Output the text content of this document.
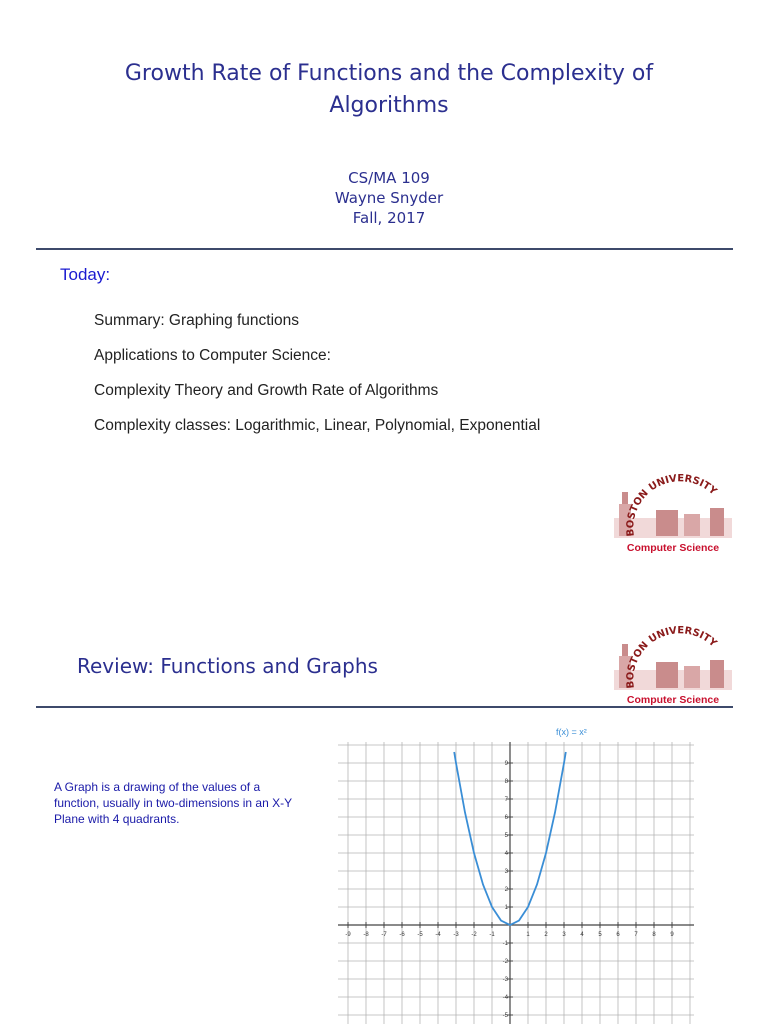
Growth Rate of Functions and the Complexity of
Algorithms
CS/MA 109
Wayne Snyder
Fall, 2017
Today:
Summary: Graphing functions
Applications to Computer Science:
Complexity Theory and Growth Rate of Algorithms
Complexity classes: Logarithmic, Linear, Polynomial, Exponential
BOSTON UNIVERSITY
Computer Science
Review: Functions and Graphs
BOSTON UNIVERSITY
Computer Science
f(x) = x²
A Graph is a drawing of the values of a function, usually in two-dimensions in an X-Y Plane with 4 quadrants.
-9 -8 -7 -6 -5 -4 -3 -2 -1	1 2 3 4 5 6 7 8 9
9
8
7
6
5
4
3
2
1
-1
-2
-3
-4
-5
